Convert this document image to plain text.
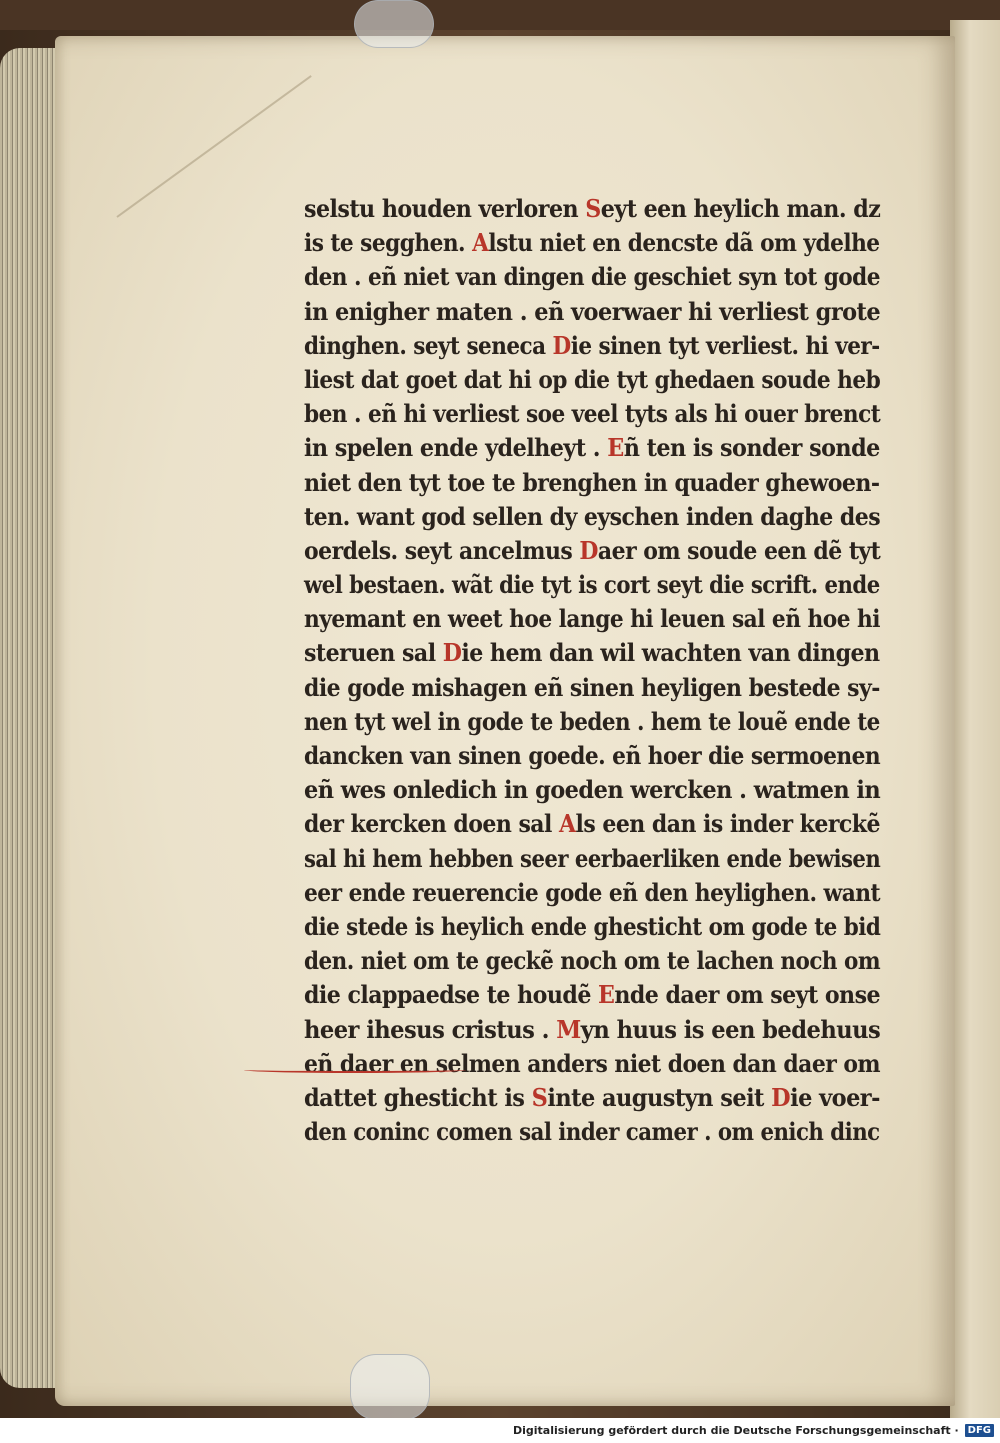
selstu houden verloren Seyt een heylich man. dz
is te segghen. Alstu niet en dencste dã om ydelhe
den . eñ niet van dingen die geschiet syn tot gode
in enigher maten . eñ voerwaer hi verliest grote
dinghen. seyt seneca Die sinen tyt verliest. hi ver-
liest dat goet dat hi op die tyt ghedaen soude heb
ben . eñ hi verliest soe veel tyts als hi ouer brenct
in spelen ende ydelheyt . Eñ ten is sonder sonde
niet den tyt toe te brenghen in quader ghewoen-
ten. want god sellen dy eyschen inden daghe des
oerdels. seyt ancelmus Daer om soude een dẽ tyt
wel bestaen. wãt die tyt is cort seyt die scrift. ende
nyemant en weet hoe lange hi leuen sal eñ hoe hi
steruen sal Die hem dan wil wachten van dingen
die gode mishagen eñ sinen heyligen bestede sy-
nen tyt wel in gode te beden . hem te louẽ ende te
dancken van sinen goede. eñ hoer die sermoenen
eñ wes onledich in goeden wercken . watmen in
der kercken doen sal Als een dan is inder kerckẽ
sal hi hem hebben seer eerbaerliken ende bewisen
eer ende reuerencie gode eñ den heylighen. want
die stede is heylich ende ghesticht om gode te bid
den. niet om te geckẽ noch om te lachen noch om
die clappaedse te houdẽ Ende daer om seyt onse
heer ihesus cristus . Myn huus is een bedehuus
eñ daer en selmen anders niet doen dan daer om
dattet ghesticht is Sinte augustyn seit Die voer-
den coninc comen sal inder camer . om enich dinc
Digitalisierung gefördert durch die Deutsche Forschungsgemeinschaft · DFG
